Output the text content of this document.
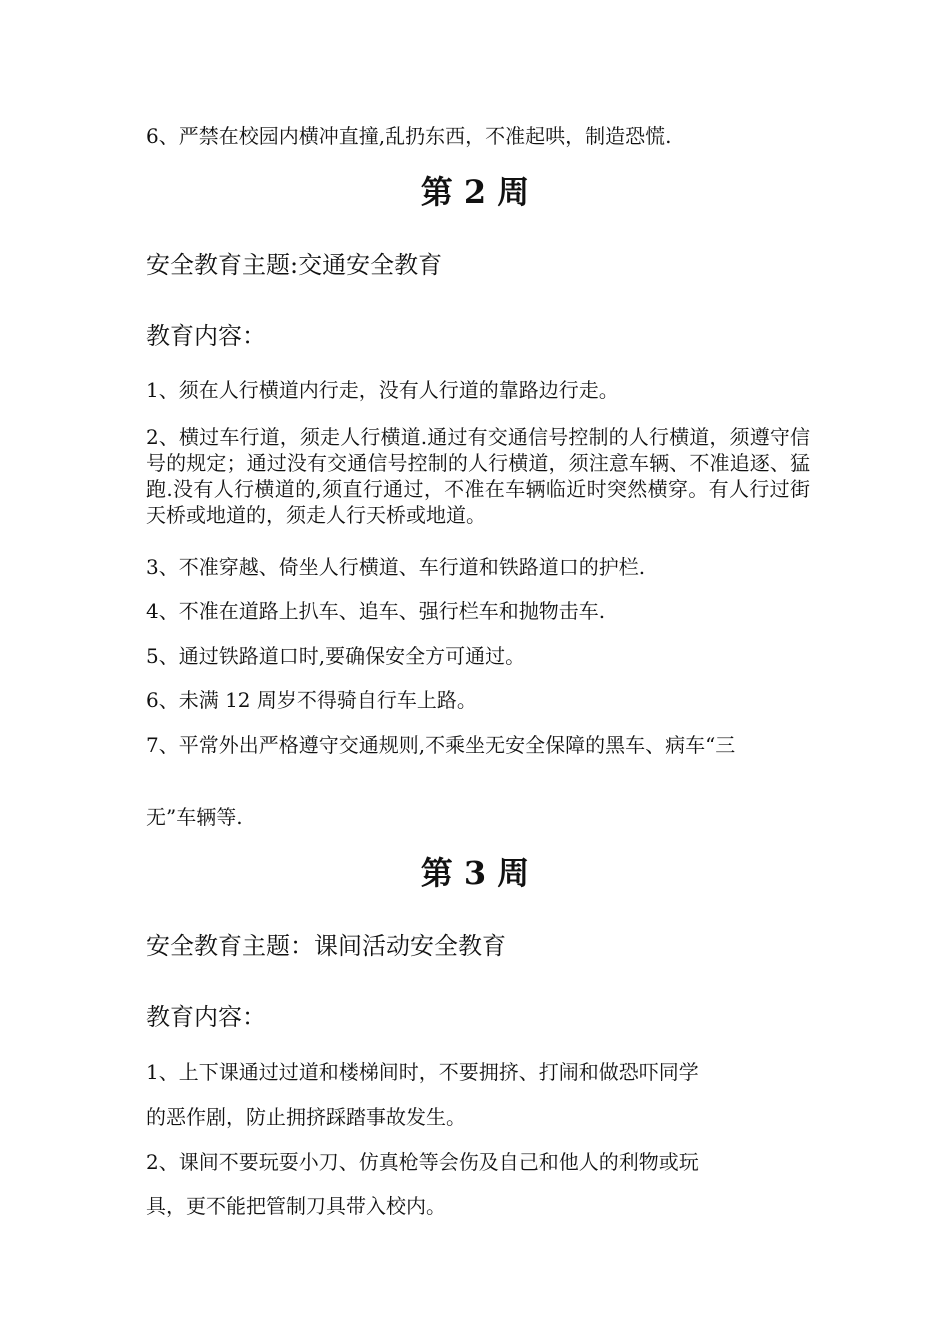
6、严禁在校园内横冲直撞,乱扔东西，不准起哄，制造恐慌.

第 2 周

安全教育主题:交通安全教育

教育内容：

1、须在人行横道内行走，没有人行道的靠路边行走。

2、横过车行道，须走人行横道.通过有交通信号控制的人行横道，须遵守信号的规定；通过没有交通信号控制的人行横道，须注意车辆、不准追逐、猛跑.没有人行横道的,须直行通过，不准在车辆临近时突然横穿。有人行过街天桥或地道的，须走人行天桥或地道。

3、不准穿越、倚坐人行横道、车行道和铁路道口的护栏.

4、不准在道路上扒车、追车、强行栏车和抛物击车.

5、通过铁路道口时,要确保安全方可通过。

6、未满 12 周岁不得骑自行车上路。

7、平常外出严格遵守交通规则,不乘坐无安全保障的黑车、病车“三

无”车辆等.

第 3 周

安全教育主题：课间活动安全教育

教育内容：

1、上下课通过过道和楼梯间时，不要拥挤、打闹和做恐吓同学

的恶作剧，防止拥挤踩踏事故发生。

2、课间不要玩耍小刀、仿真枪等会伤及自己和他人的利物或玩

具，更不能把管制刀具带入校内。
